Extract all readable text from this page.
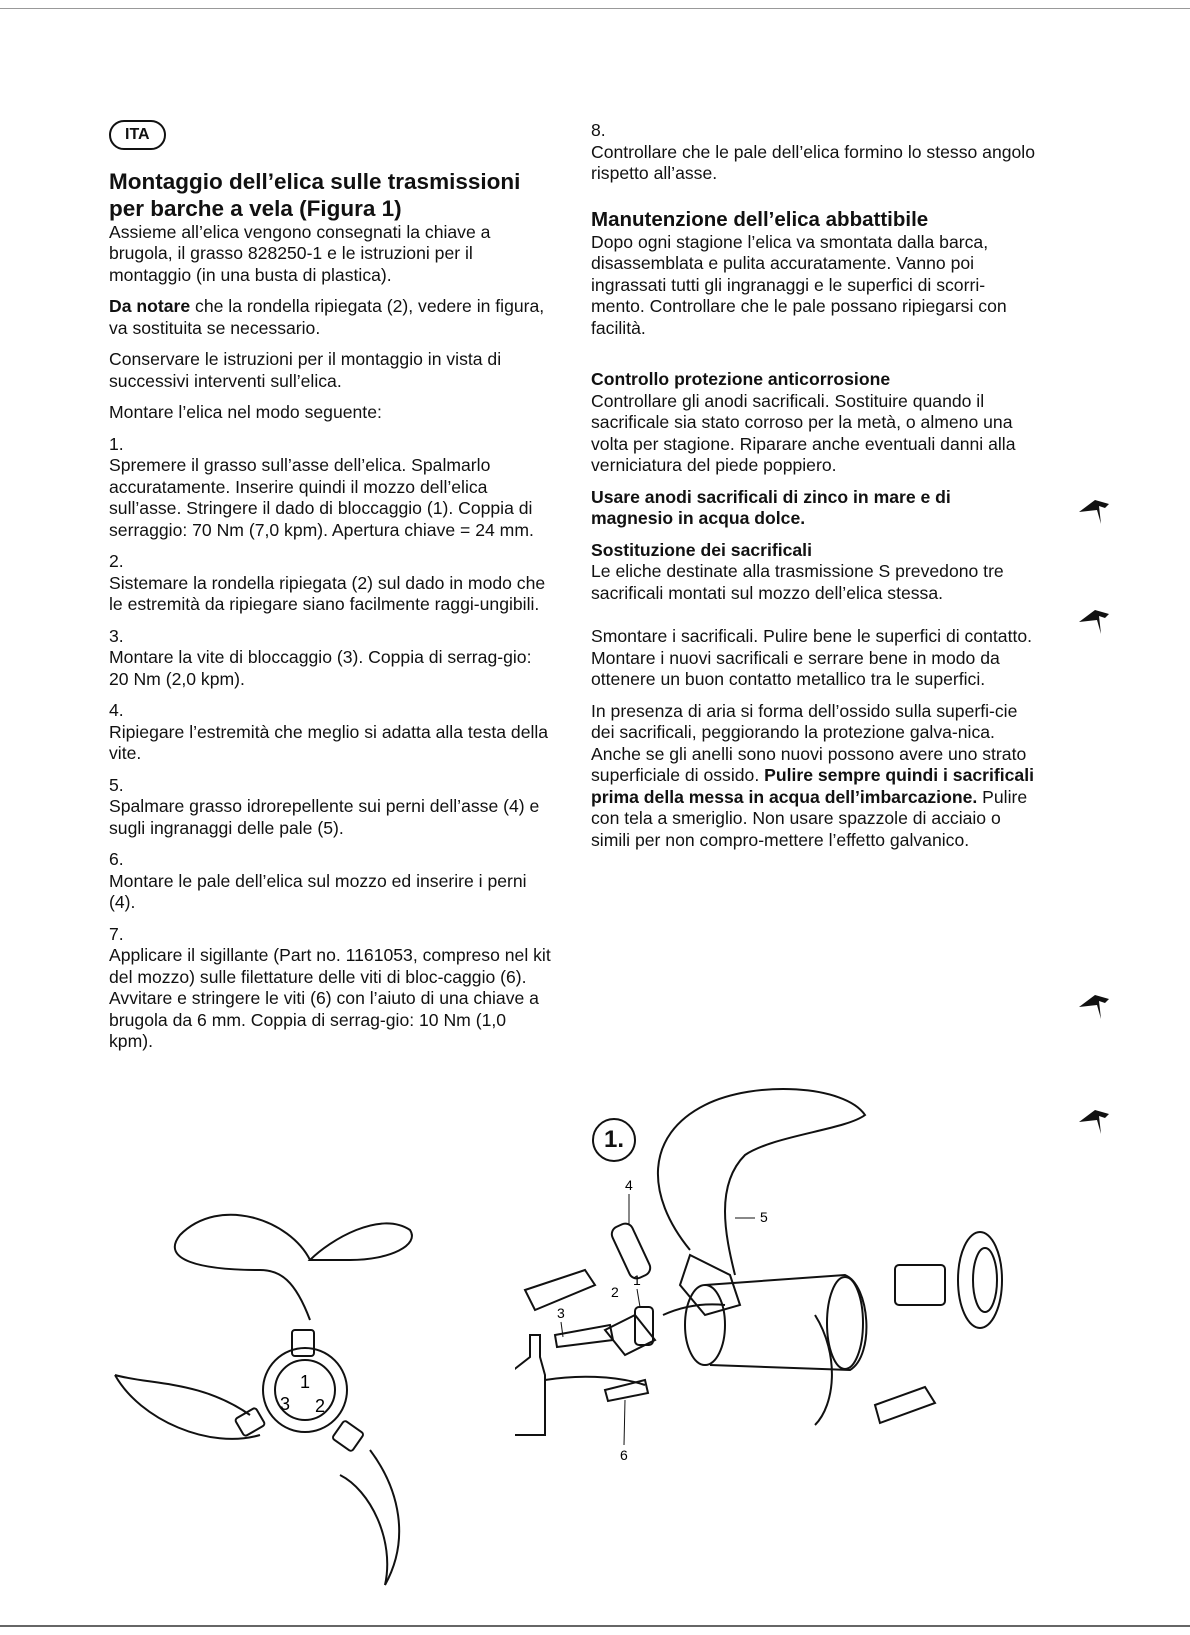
ITA
Montaggio dell’elica sulle trasmissioni per barche a vela (Figura 1)

Assieme all’elica vengono consegnati la chiave a brugola, il grasso 828250-1 e le istruzioni per il montaggio (in una busta di plastica).

Da notare che la rondella ripiegata (2), vedere in figura, va sostituita se necessario.

Conservare le istruzioni per il montaggio in vista di successivi interventi sull’elica.

Montare l’elica nel modo seguente:

1.

Spremere il grasso sull’asse dell’elica. Spalmarlo accuratamente. Inserire quindi il mozzo dell’elica sull’asse. Stringere il dado di bloccaggio (1). Coppia di serraggio: 70 Nm (7,0 kpm). Apertura chiave = 24 mm.

2.

Sistemare la rondella ripiegata (2) sul dado in modo che le estremità da ripiegare siano facilmente raggi-ungibili.

3.

Montare la vite di bloccaggio (3). Coppia di serrag-gio: 20 Nm (2,0 kpm).

4.

Ripiegare l’estremità che meglio si adatta alla testa della vite.

5.

Spalmare grasso idrorepellente sui perni dell’asse (4) e sugli ingranaggi delle pale (5).

6.

Montare le pale dell’elica sul mozzo ed inserire i perni (4).

7.

Applicare il sigillante (Part no. 1161053, compreso nel kit del mozzo) sulle filettature delle viti di bloc-caggio (6). Avvitare e stringere le viti (6) con l’aiuto di una chiave a brugola da 6 mm. Coppia di serrag-gio: 10 Nm (1,0 kpm).

8.

Controllare che le pale dell’elica formino lo stesso angolo rispetto all’asse.

Manutenzione dell’elica abbattibile

Dopo ogni stagione l’elica va smontata dalla barca, disassemblata e pulita accuratamente. Vanno poi ingrassati tutti gli ingranaggi e le superfici di scorri-mento. Controllare che le pale possano ripiegarsi con facilità.

Controllo protezione anticorrosione

Controllare gli anodi sacrificali. Sostituire quando il sacrificale sia stato corroso per la metà, o almeno una volta per stagione. Riparare anche eventuali danni alla verniciatura del piede poppiero.

Usare anodi sacrificali di zinco in mare e di magnesio in acqua dolce.
Sostituzione dei sacrificali

Le eliche destinate alla trasmissione S prevedono tre sacrificali montati sul mozzo dell’elica stessa.

Smontare i sacrificali. Pulire bene le superfici di contatto. Montare i nuovi sacrificali e serrare bene in modo da ottenere un buon contatto metallico tra le superfici.

In presenza di aria si forma dell’ossido sulla superfi-cie dei sacrificali, peggiorando la protezione galva-nica. Anche se gli anelli sono nuovi possono avere uno strato superficiale di ossido. Pulire sempre quindi i sacrificali prima della messa in acqua dell’imbarcazione. Pulire con tela a smeriglio. Non usare spazzole di acciaio o simili per non compro-mettere l’effetto galvanico.

1
3 2
1.
4
5
1
2
3
6
